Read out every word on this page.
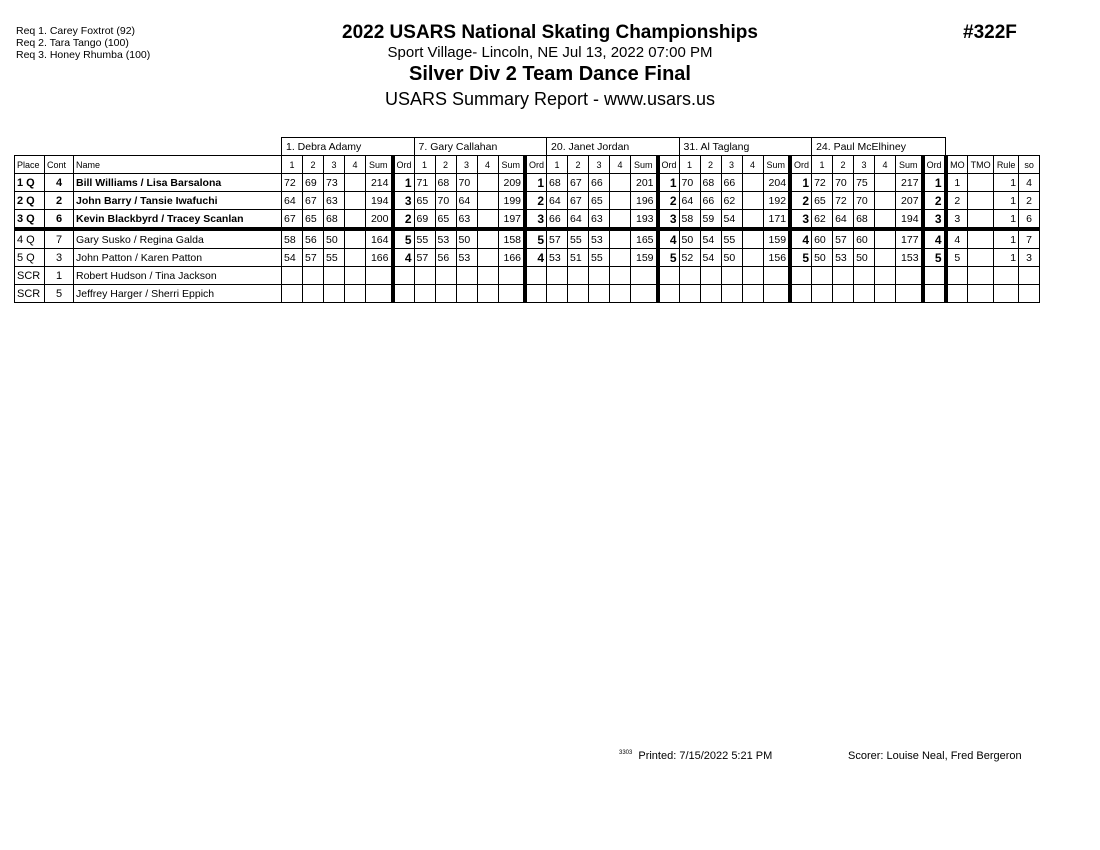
Req 1. Carey Foxtrot (92)
Req 2. Tara Tango (100)
Req 3. Honey Rhumba (100)
2022 USARS National Skating Championships
Sport Village- Lincoln, NE Jul 13, 2022 07:00 PM
Silver Div 2 Team Dance Final
USARS Summary Report - www.usars.us
#322F
			1. Debra Adamy						7. Gary Callahan						20. Janet Jordan						31. Al Taglang						24. Paul McElhiney									
Place	Cont	Name	1	2	3	4	Sum	Ord	1	2	3	4	Sum	Ord	1	2	3	4	Sum	Ord	1	2	3	4	Sum	Ord	1	2	3	4	Sum	Ord	MO	TMO	Rule	so
1 Q	4	Bill Williams / Lisa Barsalona	72	69	73		214	1	71	68	70		209	1	68	67	66		201	1	70	68	66		204	1	72	70	75		217	1	1		1	4
2 Q	2	John Barry / Tansie Iwafuchi	64	67	63		194	3	65	70	64		199	2	64	67	65		196	2	64	66	62		192	2	65	72	70		207	2	2		1	2
3 Q	6	Kevin Blackbyrd / Tracey Scanlan	67	65	68		200	2	69	65	63		197	3	66	64	63		193	3	58	59	54		171	3	62	64	68		194	3	3		1	6
4 Q	7	Gary Susko / Regina Galda	58	56	50		164	5	55	53	50		158	5	57	55	53		165	4	50	54	55		159	4	60	57	60		177	4	4		1	7
5 Q	3	John Patton / Karen Patton	54	57	55		166	4	57	56	53		166	4	53	51	55		159	5	52	54	50		156	5	50	53	50		153	5	5		1	3
SCR	1	Robert Hudson / Tina Jackson																																		
SCR	5	Jeffrey Harger / Sherri Eppich																																		
$^{3303}$ Printed: 7/15/2022 5:21 PM	Scorer: Louise Neal, Fred Bergeron
